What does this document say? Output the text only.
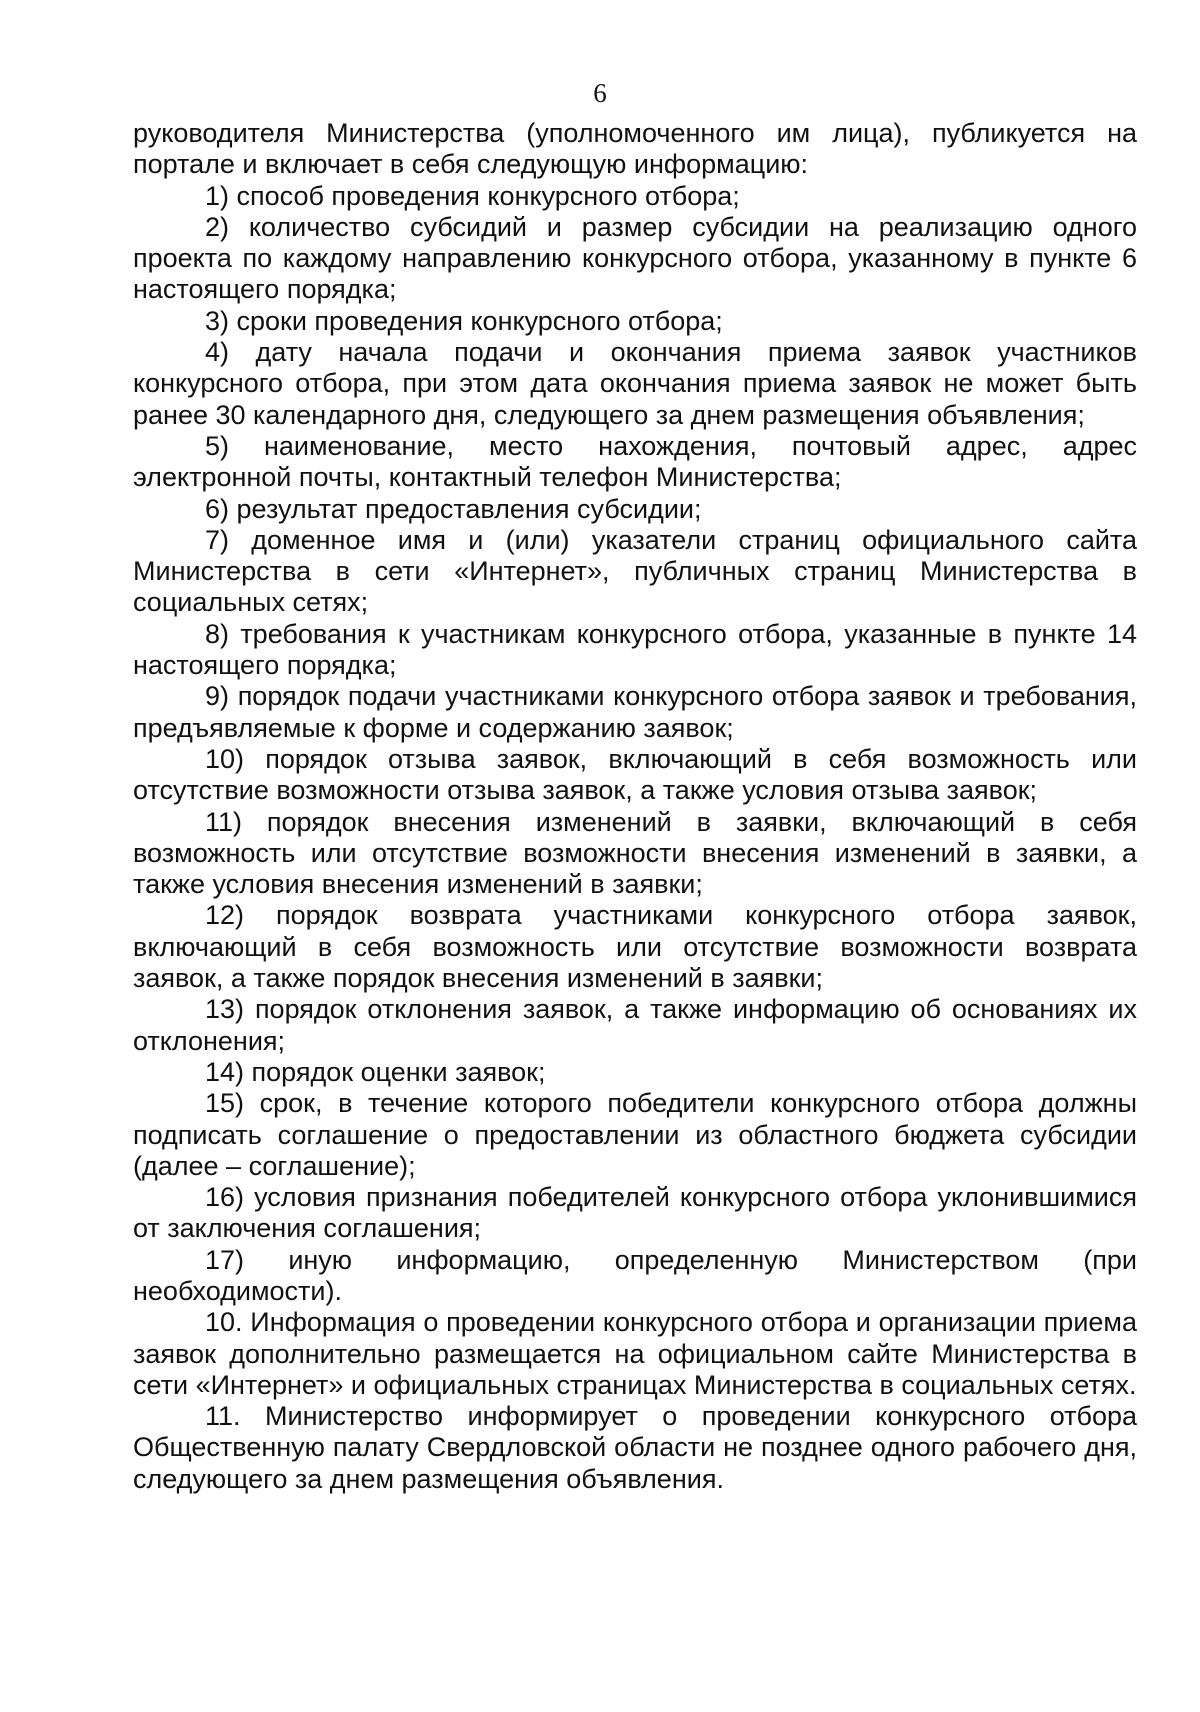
6

руководителя Министерства (уполномоченного им лица), публикуется на портале и включает в себя следующую информацию:

1) способ проведения конкурсного отбора;

2) количество субсидий и размер субсидии на реализацию одного проекта по каждому направлению конкурсного отбора, указанному в пункте 6 настоящего порядка;

3) сроки проведения конкурсного отбора;

4) дату начала подачи и окончания приема заявок участников конкурсного отбора, при этом дата окончания приема заявок не может быть ранее 30 календарного дня, следующего за днем размещения объявления;

5) наименование, место нахождения, почтовый адрес, адрес электронной почты, контактный телефон Министерства;

6) результат предоставления субсидии;

7) доменное имя и (или) указатели страниц официального сайта Министерства в сети «Интернет», публичных страниц Министерства в социальных сетях;

8) требования к участникам конкурсного отбора, указанные в пункте 14 настоящего порядка;

9) порядок подачи участниками конкурсного отбора заявок и требования, предъявляемые к форме и содержанию заявок;

10) порядок отзыва заявок, включающий в себя возможность или отсутствие возможности отзыва заявок, а также условия отзыва заявок;

11) порядок внесения изменений в заявки, включающий в себя возможность или отсутствие возможности внесения изменений в заявки, а также условия внесения изменений в заявки;

12) порядок возврата участниками конкурсного отбора заявок, включающий в себя возможность или отсутствие возможности возврата заявок, а также порядок внесения изменений в заявки;

13) порядок отклонения заявок, а также информацию об основаниях их отклонения;

14) порядок оценки заявок;

15) срок, в течение которого победители конкурсного отбора должны подписать соглашение о предоставлении из областного бюджета субсидии (далее – соглашение);

16) условия признания победителей конкурсного отбора уклонившимися от заключения соглашения;

17) иную информацию, определенную Министерством (при необходимости).

10. Информация о проведении конкурсного отбора и организации приема заявок дополнительно размещается на официальном сайте Министерства в сети «Интернет» и официальных страницах Министерства в социальных сетях.

11. Министерство информирует о проведении конкурсного отбора Общественную палату Свердловской области не позднее одного рабочего дня, следующего за днем размещения объявления.
